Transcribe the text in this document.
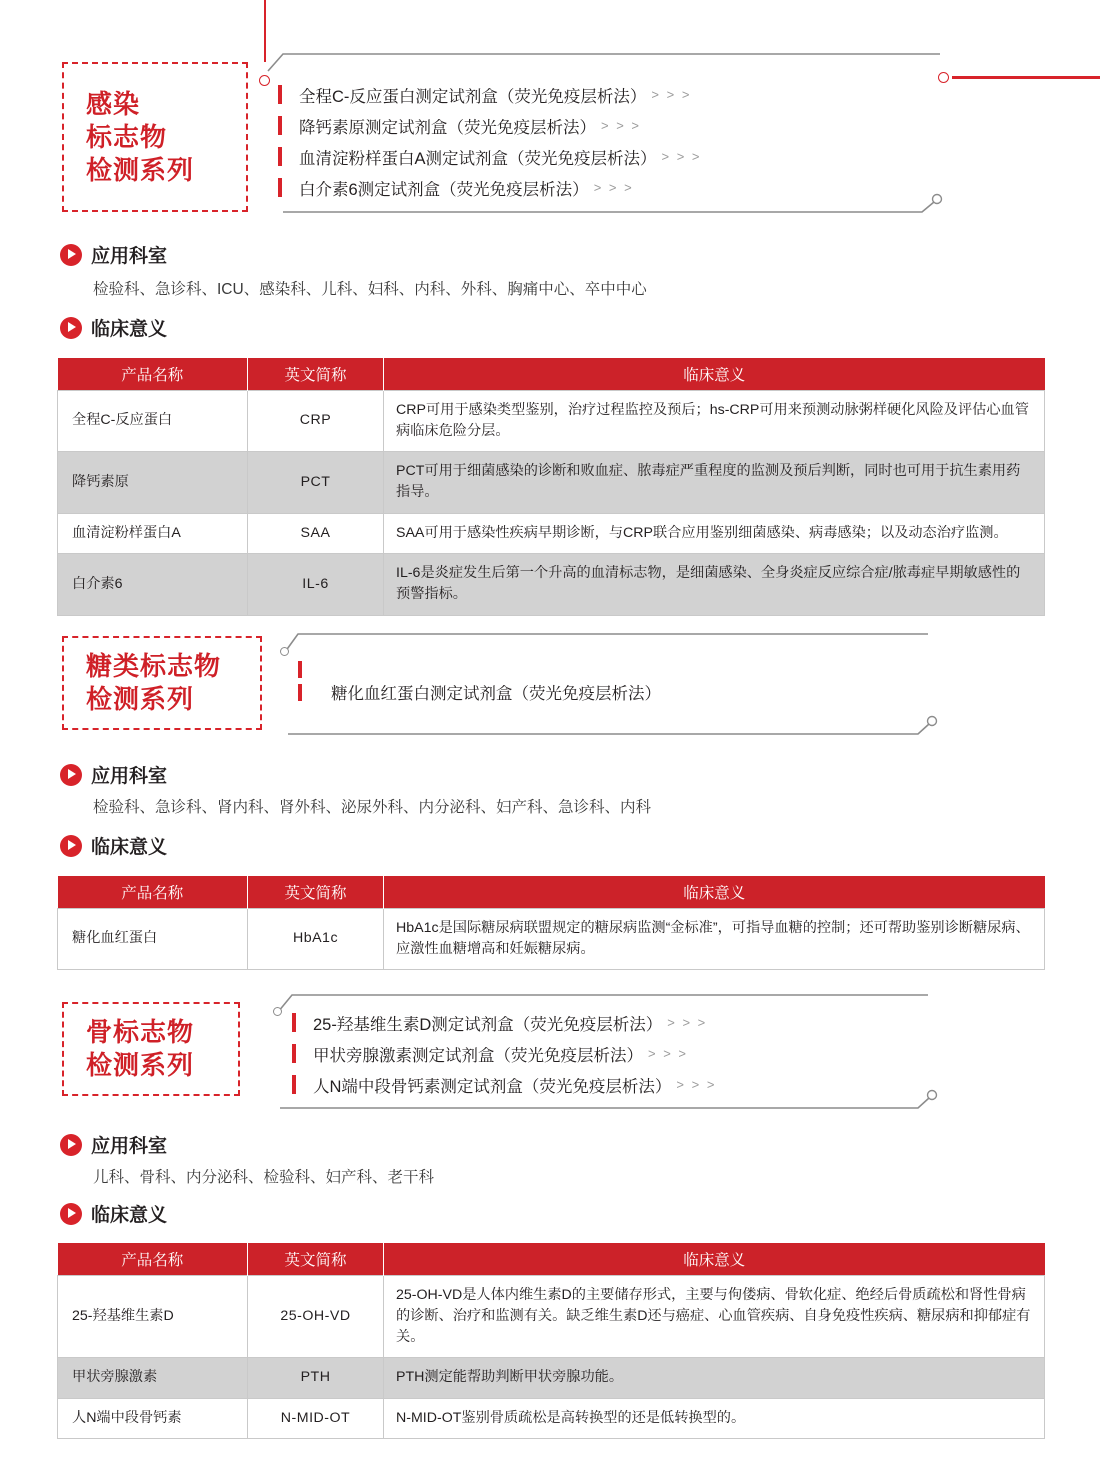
感染
标志物
检测系列
全程C-反应蛋白测定试剂盒（荧光免疫层析法） > > >
降钙素原测定试剂盒（荧光免疫层析法） > > >
血清淀粉样蛋白A测定试剂盒（荧光免疫层析法） > > >
白介素6测定试剂盒（荧光免疫层析法） > > >
应用科室
检验科、急诊科、ICU、感染科、儿科、妇科、内科、外科、胸痛中心、卒中中心
临床意义
产品名称	英文简称	临床意义
全程C-反应蛋白	CRP	CRP可用于感染类型鉴别，治疗过程监控及预后；hs-CRP可用来预测动脉粥样硬化风险及评估心血管病临床危险分层。
降钙素原	PCT	PCT可用于细菌感染的诊断和败血症、脓毒症严重程度的监测及预后判断，同时也可用于抗生素用药指导。
血清淀粉样蛋白A	SAA	SAA可用于感染性疾病早期诊断，与CRP联合应用鉴别细菌感染、病毒感染；以及动态治疗监测。
白介素6	IL-6	IL-6是炎症发生后第一个升高的血清标志物，是细菌感染、全身炎症反应综合症/脓毒症早期敏感性的预警指标。
糖类标志物
检测系列	糖化血红蛋白测定试剂盒（荧光免疫层析法）
应用科室
检验科、急诊科、肾内科、肾外科、泌尿外科、内分泌科、妇产科、急诊科、内科
临床意义
产品名称	英文简称	临床意义
糖化血红蛋白	HbA1c	HbA1c是国际糖尿病联盟规定的糖尿病监测“金标准”，可指导血糖的控制；还可帮助鉴别诊断糖尿病、应激性血糖增高和妊娠糖尿病。
骨标志物
检测系列
25-羟基维生素D测定试剂盒（荧光免疫层析法） > > >
甲状旁腺激素测定试剂盒（荧光免疫层析法） > > >
人N端中段骨钙素测定试剂盒（荧光免疫层析法） > > >
应用科室
儿科、骨科、内分泌科、检验科、妇产科、老干科
临床意义
产品名称	英文简称	临床意义
25-羟基维生素D	25-OH-VD	25-OH-VD是人体内维生素D的主要储存形式，主要与佝偻病、骨软化症、绝经后骨质疏松和肾性骨病的诊断、治疗和监测有关。缺乏维生素D还与癌症、心血管疾病、自身免疫性疾病、糖尿病和抑郁症有关。
甲状旁腺激素	PTH	PTH测定能帮助判断甲状旁腺功能。
人N端中段骨钙素	N-MID-OT	N-MID-OT鉴别骨质疏松是高转换型的还是低转换型的。
